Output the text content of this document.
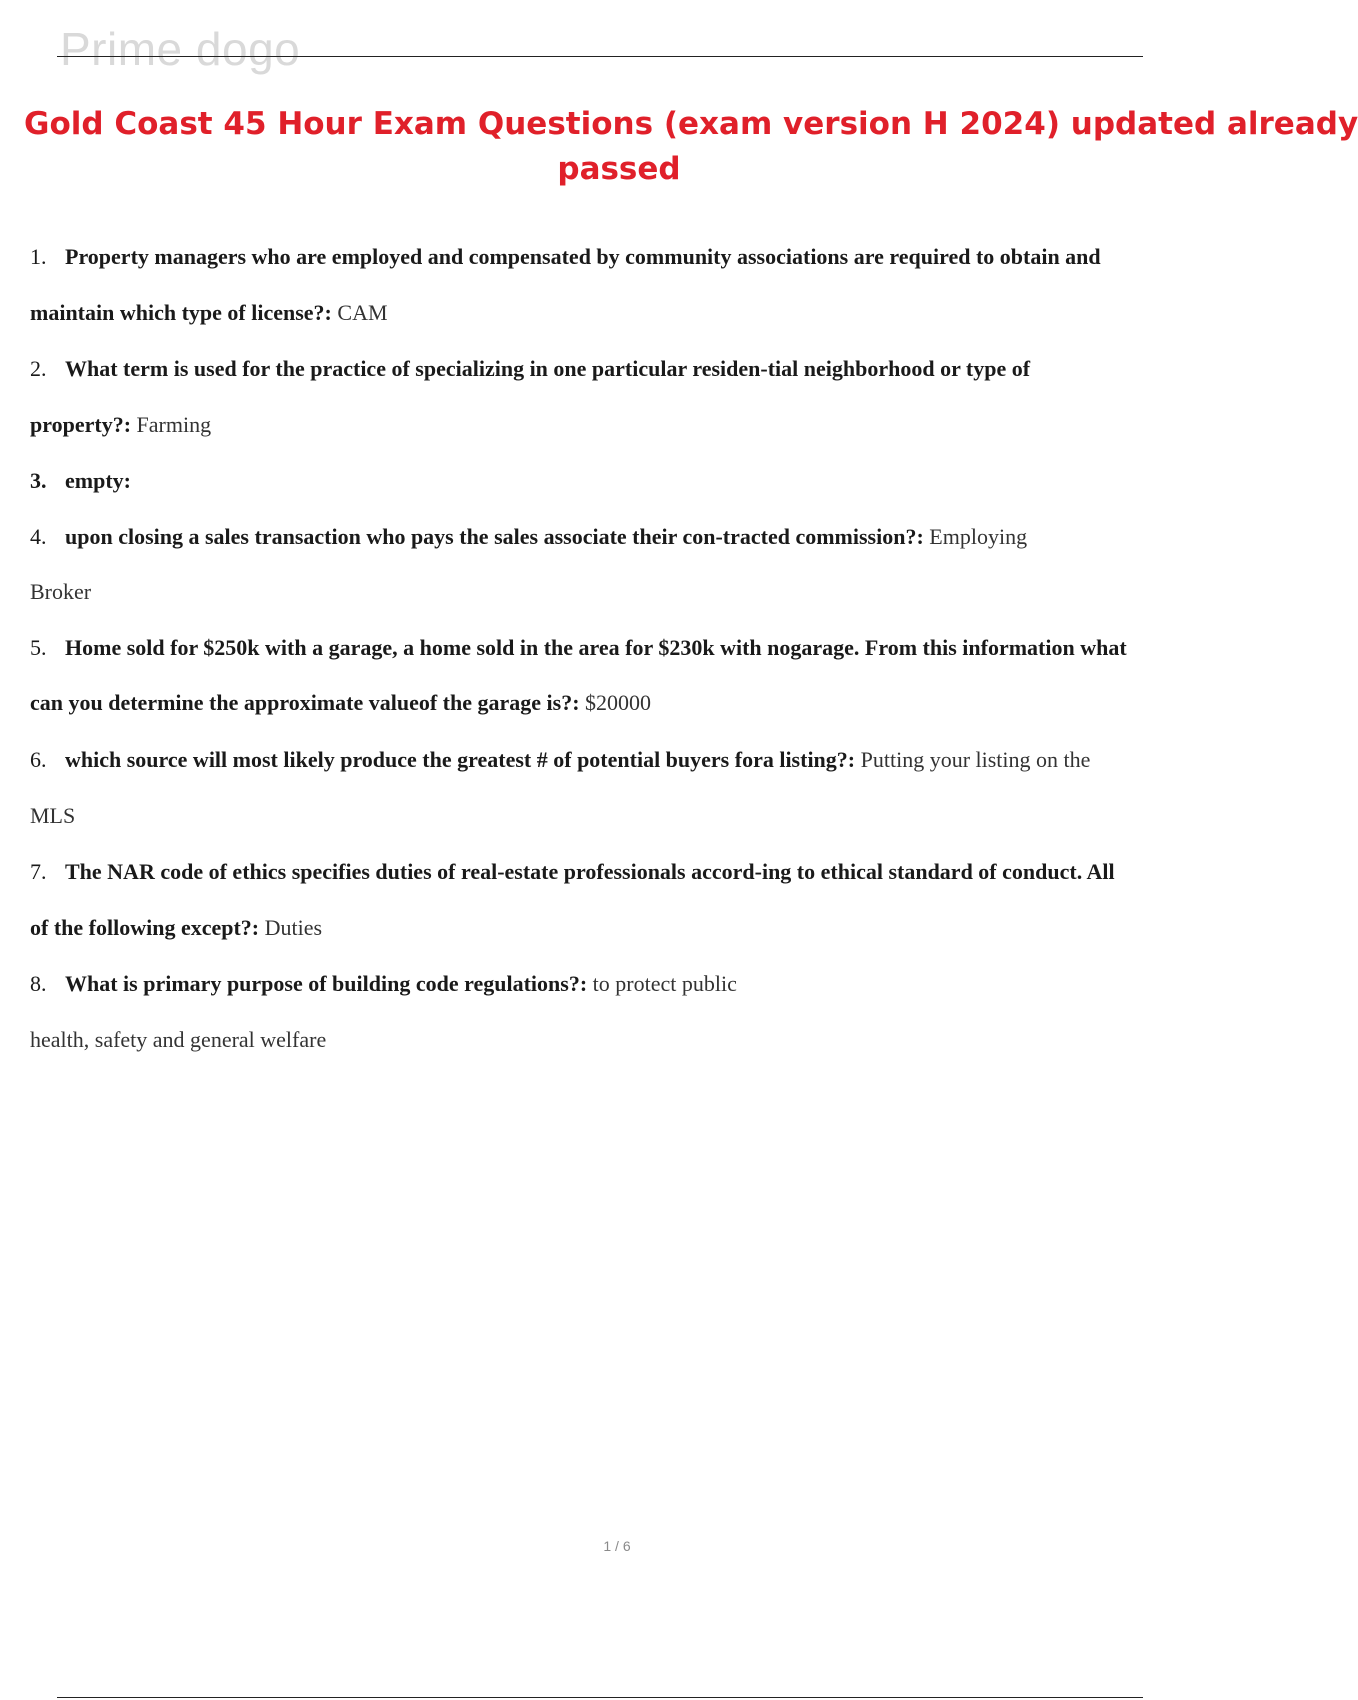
Prime dogo
Gold Coast 45 Hour Exam Questions (exam version H 2024) updated already
passed
1. Property managers who are employed and compensated by community associations are required to obtain and
maintain which type of license?: CAM
2. What term is used for the practice of specializing in one particular residen-tial neighborhood or type of
property?: Farming
3. empty:
4. upon closing a sales transaction who pays the sales associate their con-tracted commission?: Employing
Broker
5. Home sold for $250k with a garage, a home sold in the area for $230k with nogarage. From this information what
can you determine the approximate valueof the garage is?: $20000
6. which source will most likely produce the greatest # of potential buyers fora listing?: Putting your listing on the
MLS
7. The NAR code of ethics specifies duties of real-estate professionals accord-ing to ethical standard of conduct. All
of the following except?: Duties
8. What is primary purpose of building code regulations?: to protect public
health, safety and general welfare
1 / 6
